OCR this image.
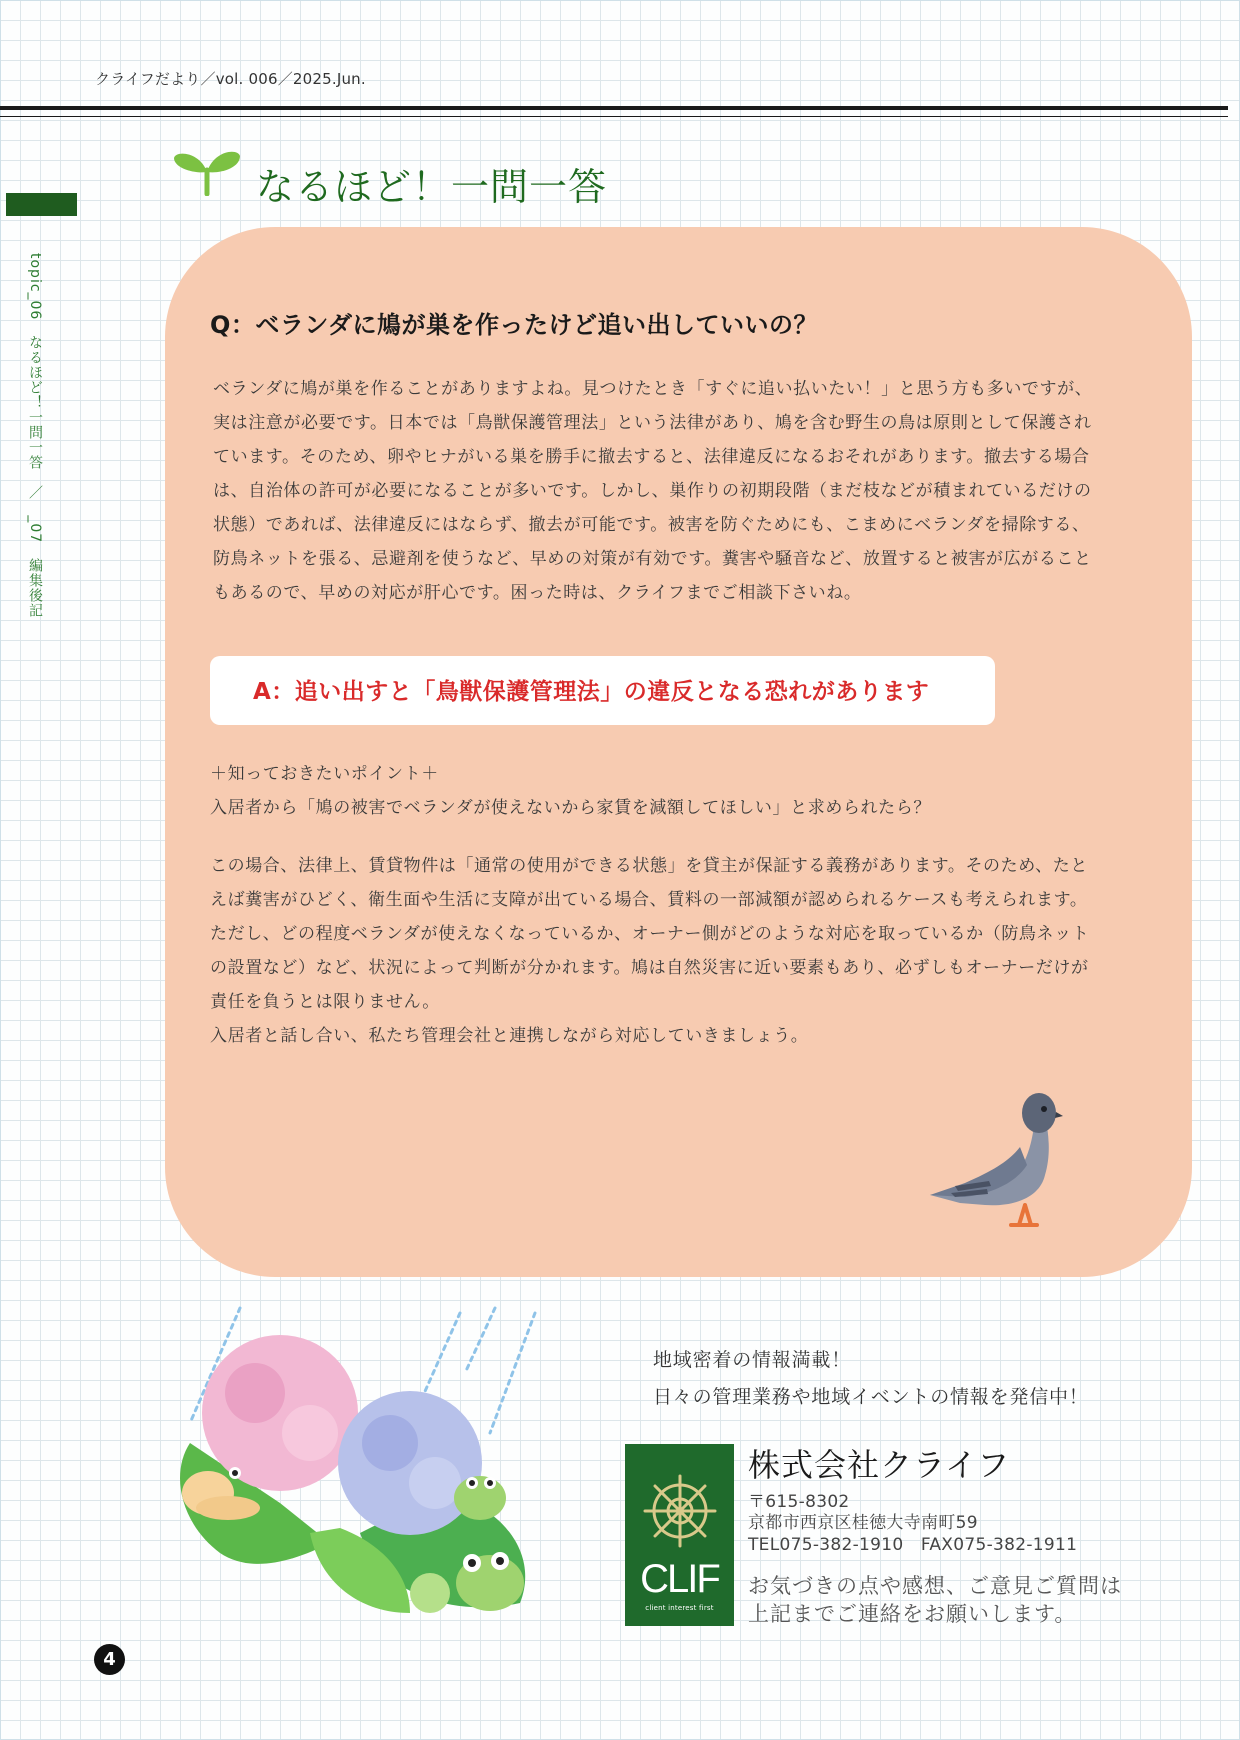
クライフだより／vol. 006／2025.Jun.
topic_06　なるほど！一問一答　／　_07　編集後記
なるほど！一問一答
Q：ベランダに鳩が巣を作ったけど追い出していいの？
ベランダに鳩が巣を作ることがありますよね。見つけたとき「すぐに追い払いたい！」と思う方も多いですが、
実は注意が必要です。日本では「鳥獣保護管理法」という法律があり、鳩を含む野生の鳥は原則として保護され
ています。そのため、卵やヒナがいる巣を勝手に撤去すると、法律違反になるおそれがあります。撤去する場合
は、自治体の許可が必要になることが多いです。しかし、巣作りの初期段階（まだ枝などが積まれているだけの
状態）であれば、法律違反にはならず、撤去が可能です。被害を防ぐためにも、こまめにベランダを掃除する、
防鳥ネットを張る、忌避剤を使うなど、早めの対策が有効です。糞害や騒音など、放置すると被害が広がること
もあるので、早めの対応が肝心です。困った時は、クライフまでご相談下さいね。
A：追い出すと「鳥獣保護管理法」の違反となる恐れがあります
＋知っておきたいポイント＋
入居者から「鳩の被害でベランダが使えないから家賃を減額してほしい」と求められたら？
この場合、法律上、賃貸物件は「通常の使用ができる状態」を貸主が保証する義務があります。そのため、たと
えば糞害がひどく、衛生面や生活に支障が出ている場合、賃料の一部減額が認められるケースも考えられます。
ただし、どの程度ベランダが使えなくなっているか、オーナー側がどのような対応を取っているか（防鳥ネット
の設置など）など、状況によって判断が分かれます。鳩は自然災害に近い要素もあり、必ずしもオーナーだけが
責任を負うとは限りません。
入居者と話し合い、私たち管理会社と連携しながら対応していきましょう。
地域密着の情報満載！
日々の管理業務や地域イベントの情報を発信中！
CLIF
client interest first
株式会社クライフ
〒615-8302
京都市西京区桂徳大寺南町59
TEL075-382-1910　FAX075-382-1911
お気づきの点や感想、ご意見ご質問は
上記までご連絡をお願いします。
4
